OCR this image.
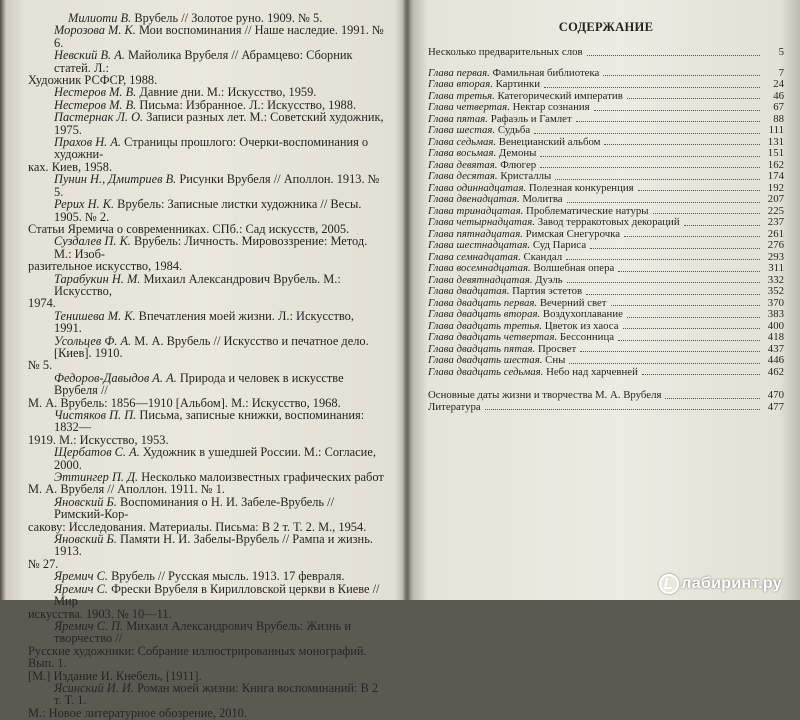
Милиоти В. Врубель // Золотое руно. 1909. № 5.

Морозова М. К. Мои воспоминания // Наше наследие. 1991. № 6.

Невский В. А. Майолика Врубеля // Абрамцево: Сборник статей. Л.:

Художник РСФСР, 1988.

Нестеров М. В. Давние дни. М.: Искусство, 1959.

Нестеров М. В. Письма: Избранное. Л.: Искусство, 1988.

Пастернак Л. О. Записи разных лет. М.: Советский художник, 1975.

Прахов Н. А. Страницы прошлого: Очерки-воспоминания о художни-

ках. Киев, 1958.

Пунин Н., Дмитриев В. Рисунки Врубеля // Аполлон. 1913. № 5.

Рерих Н. К. Врубель: Записные листки художника // Весы. 1905. № 2.

Статьи Яремича о современниках. СПб.: Сад искусств, 2005.

Суздалев П. К. Врубель: Личность. Мировоззрение: Метод. М.: Изоб-

разительное искусство, 1984.

Тарабукин Н. М. Михаил Александрович Врубель. М.: Искусство,

1974.

Тенишева М. К. Впечатления моей жизни. Л.: Искусство, 1991.

Усольцев Ф. А. М. А. Врубель // Искусство и печатное дело. [Киев]. 1910.

№ 5.

Федоров-Давыдов А. А. Природа и человек в искусстве Врубеля //

М. А. Врубель: 1856—1910 [Альбом]. М.: Искусство, 1968.

Чистяков П. П. Письма, записные книжки, воспоминания: 1832—

1919. М.: Искусство, 1953.

Щербатов С. А. Художник в ушедшей России. М.: Согласие, 2000.

Эттингер П. Д. Несколько малоизвестных графических работ

М. А. Врубеля // Аполлон. 1911. № 1.

Яновский Б. Воспоминания о Н. И. Забеле-Врубель // Римский-Кор-

сакову: Исследования. Материалы. Письма: В 2 т. Т. 2. М., 1954.

Яновский Б. Памяти Н. И. Забелы-Врубель // Рампа и жизнь. 1913.

№ 27.

Яремич С. Врубель // Русская мысль. 1913. 17 февраля.

Яремич С. Фрески Врубеля в Кирилловской церкви в Киеве // Мир

искусства. 1903. № 10—11.

Яремич С. П. Михаил Александрович Врубель: Жизнь и творчество //

Русские художники: Собрание иллюстрированных монографий. Вып. 1.

[М.] Издание И. Кнебель, [1911].

Ясинский И. И. Роман моей жизни: Книга воспоминаний: В 2 т. Т. 1.

М.: Новое литературное обозрение, 2010.

СОДЕРЖАНИЕ
Несколько предварительных слов	5
Глава первая. Фамильная библиотека	7
Глава вторая. Картинки	24
Глава третья. Категорический императив	46
Глава четвертая. Нектар сознания	67
Глава пятая. Рафаэль и Гамлет	88
Глава шестая. Судьба	111
Глава седьмая. Венецианский альбом	131
Глава восьмая. Демоны	151
Глава девятая. Флюгер	162
Глава десятая. Кристаллы	174
Глава одиннадцатая. Полезная конкуренция	192
Глава двенадцатая. Молитва	207
Глава тринадцатая. Проблематические натуры	225
Глава четырнадцатая. Завод терракотовых декораций	237
Глава пятнадцатая. Римская Снегурочка	261
Глава шестнадцатая. Суд Париса	276
Глава семнадцатая. Скандал	293
Глава восемнадцатая. Волшебная опера	311
Глава девятнадцатая. Дуэль	332
Глава двадцатая. Партия эстетов	352
Глава двадцать первая. Вечерний свет	370
Глава двадцать вторая. Воздухоплавание	383
Глава двадцать третья. Цветок из хаоса	400
Глава двадцать четвертая. Бессонница	418
Глава двадцать пятая. Просвет	437
Глава двадцать шестая. Сны	446
Глава двадцать седьмая. Небо над харчевней	462
Основные даты жизни и творчества М. А. Врубеля	470
Литература	477
лабиринт.ру
